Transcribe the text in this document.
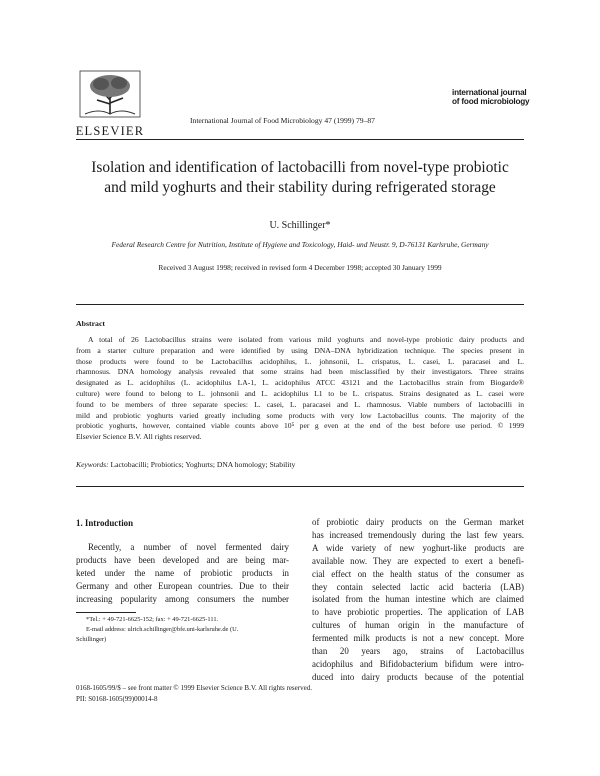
ELSEVIER
International Journal of Food Microbiology 47 (1999) 79–87
international journal
of food microbiology
Isolation and identification of lactobacilli from novel-type probiotic
and mild yoghurts and their stability during refrigerated storage
U. Schillinger*
Federal Research Centre for Nutrition, Institute of Hygiene and Toxicology, Haid- und Neustr. 9, D-76131 Karlsruhe, Germany
Received 3 August 1998; received in revised form 4 December 1998; accepted 30 January 1999
Abstract
A total of 26 Lactobacillus strains were isolated from various mild yoghurts and novel-type probiotic dairy products and
from a starter culture preparation and were identified by using DNA–DNA hybridization technique. The species present in
those products were found to be Lactobacillus acidophilus, L. johnsonii, L. crispatus, L. casei, L. paracasei and L.
rhamnosus. DNA homology analysis revealed that some strains had been misclassified by their investigators. Three strains
designated as L. acidophilus (L. acidophilus LA-1, L. acidophilus ATCC 43121 and the Lactobacillus strain from Biogarde®
culture) were found to belong to L. johnsonii and L. acidophilus L1 to be L. crispatus. Strains designated as L. casei were
found to be members of three separate species: L. casei, L. paracasei and L. rhamnosus. Viable numbers of lactobacilli in
mild and probiotic yoghurts varied greatly including some products with very low Lactobacillus counts. The majority of the
probiotic yoghurts, however, contained viable counts above 10⁵ per g even at the end of the best before use period. © 1999
Elsevier Science B.V. All rights reserved.
Keywords: Lactobacilli; Probiotics; Yoghurts; DNA homology; Stability
1. Introduction
Recently, a number of novel fermented dairy
products have been developed and are being mar-
keted under the name of probiotic products in
Germany and other European countries. Due to their
increasing popularity among consumers the number
of probiotic dairy products on the German market
has increased tremendously during the last few years.
A wide variety of new yoghurt-like products are
available now. They are expected to exert a benefi-
cial effect on the health status of the consumer as
they contain selected lactic acid bacteria (LAB)
isolated from the human intestine which are claimed
to have probiotic properties. The application of LAB
cultures of human origin in the manufacture of
fermented milk products is not a new concept. More
than 20 years ago, strains of Lactobacillus
acidophilus and Bifidobacterium bifidum were intro-
duced into dairy products because of the potential
*Tel.: + 49-721-6625-152; fax: + 49-721-6625-111.
E-mail address: ulrich.schillinger@bfe.uni-karlsruhe.de (U.
Schillinger)
0168-1605/99/$ – see front matter © 1999 Elsevier Science B.V. All rights reserved.
PII: S0168-1605(99)00014-8
